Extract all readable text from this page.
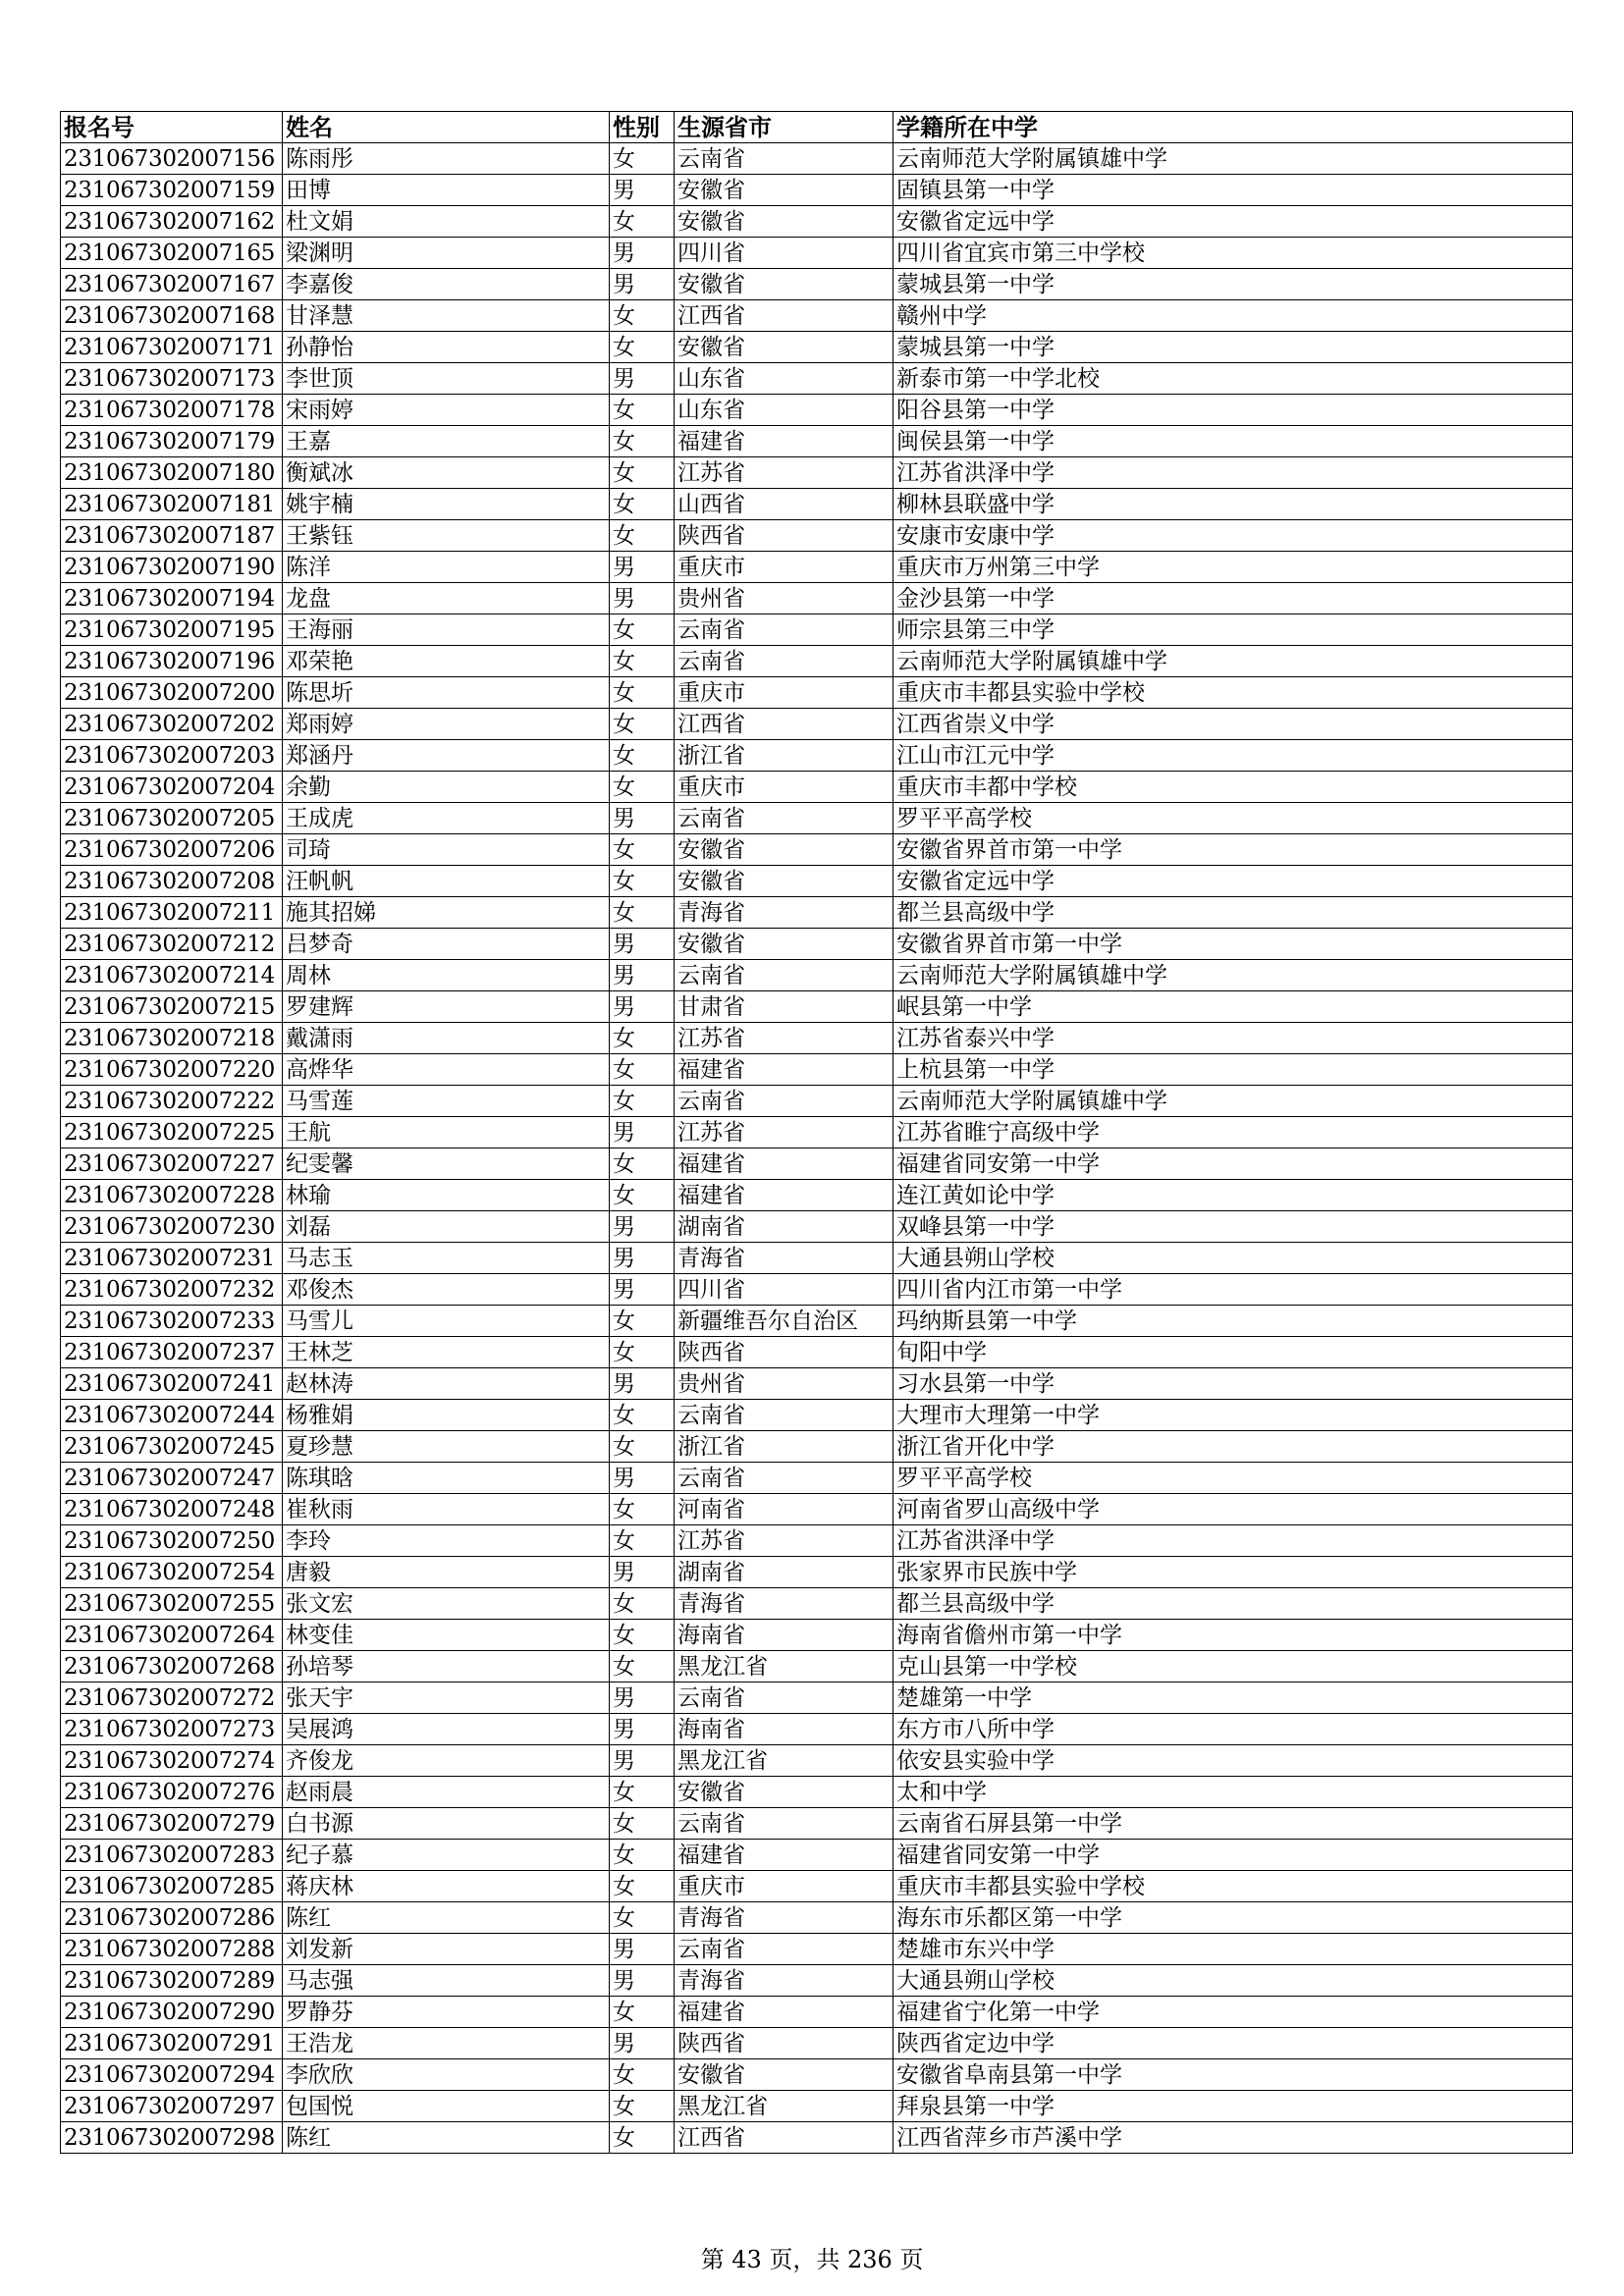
报名号	姓名	性别	生源省市	学籍所在中学
231067302007156	陈雨彤	女	云南省	云南师范大学附属镇雄中学
231067302007159	田博	男	安徽省	固镇县第一中学
231067302007162	杜文娟	女	安徽省	安徽省定远中学
231067302007165	梁渊明	男	四川省	四川省宜宾市第三中学校
231067302007167	李嘉俊	男	安徽省	蒙城县第一中学
231067302007168	甘泽慧	女	江西省	赣州中学
231067302007171	孙静怡	女	安徽省	蒙城县第一中学
231067302007173	李世顶	男	山东省	新泰市第一中学北校
231067302007178	宋雨婷	女	山东省	阳谷县第一中学
231067302007179	王嘉	女	福建省	闽侯县第一中学
231067302007180	衡斌冰	女	江苏省	江苏省洪泽中学
231067302007181	姚宇楠	女	山西省	柳林县联盛中学
231067302007187	王紫钰	女	陕西省	安康市安康中学
231067302007190	陈洋	男	重庆市	重庆市万州第三中学
231067302007194	龙盘	男	贵州省	金沙县第一中学
231067302007195	王海丽	女	云南省	师宗县第三中学
231067302007196	邓荣艳	女	云南省	云南师范大学附属镇雄中学
231067302007200	陈思圻	女	重庆市	重庆市丰都县实验中学校
231067302007202	郑雨婷	女	江西省	江西省崇义中学
231067302007203	郑涵丹	女	浙江省	江山市江元中学
231067302007204	余勤	女	重庆市	重庆市丰都中学校
231067302007205	王成虎	男	云南省	罗平平高学校
231067302007206	司琦	女	安徽省	安徽省界首市第一中学
231067302007208	汪帆帆	女	安徽省	安徽省定远中学
231067302007211	施其招娣	女	青海省	都兰县高级中学
231067302007212	吕梦奇	男	安徽省	安徽省界首市第一中学
231067302007214	周林	男	云南省	云南师范大学附属镇雄中学
231067302007215	罗建辉	男	甘肃省	岷县第一中学
231067302007218	戴潇雨	女	江苏省	江苏省泰兴中学
231067302007220	高烨华	女	福建省	上杭县第一中学
231067302007222	马雪莲	女	云南省	云南师范大学附属镇雄中学
231067302007225	王航	男	江苏省	江苏省睢宁高级中学
231067302007227	纪雯馨	女	福建省	福建省同安第一中学
231067302007228	林瑜	女	福建省	连江黄如论中学
231067302007230	刘磊	男	湖南省	双峰县第一中学
231067302007231	马志玉	男	青海省	大通县朔山学校
231067302007232	邓俊杰	男	四川省	四川省内江市第一中学
231067302007233	马雪儿	女	新疆维吾尔自治区	玛纳斯县第一中学
231067302007237	王林芝	女	陕西省	旬阳中学
231067302007241	赵林涛	男	贵州省	习水县第一中学
231067302007244	杨雅娟	女	云南省	大理市大理第一中学
231067302007245	夏珍慧	女	浙江省	浙江省开化中学
231067302007247	陈琪晗	男	云南省	罗平平高学校
231067302007248	崔秋雨	女	河南省	河南省罗山高级中学
231067302007250	李玲	女	江苏省	江苏省洪泽中学
231067302007254	唐毅	男	湖南省	张家界市民族中学
231067302007255	张文宏	女	青海省	都兰县高级中学
231067302007264	林变佳	女	海南省	海南省儋州市第一中学
231067302007268	孙培琴	女	黑龙江省	克山县第一中学校
231067302007272	张天宇	男	云南省	楚雄第一中学
231067302007273	吴展鸿	男	海南省	东方市八所中学
231067302007274	齐俊龙	男	黑龙江省	依安县实验中学
231067302007276	赵雨晨	女	安徽省	太和中学
231067302007279	白书源	女	云南省	云南省石屏县第一中学
231067302007283	纪子慕	女	福建省	福建省同安第一中学
231067302007285	蒋庆林	女	重庆市	重庆市丰都县实验中学校
231067302007286	陈红	女	青海省	海东市乐都区第一中学
231067302007288	刘发新	男	云南省	楚雄市东兴中学
231067302007289	马志强	男	青海省	大通县朔山学校
231067302007290	罗静芬	女	福建省	福建省宁化第一中学
231067302007291	王浩龙	男	陕西省	陕西省定边中学
231067302007294	李欣欣	女	安徽省	安徽省阜南县第一中学
231067302007297	包国悦	女	黑龙江省	拜泉县第一中学
231067302007298	陈红	女	江西省	江西省萍乡市芦溪中学
第 43 页，共 236 页
